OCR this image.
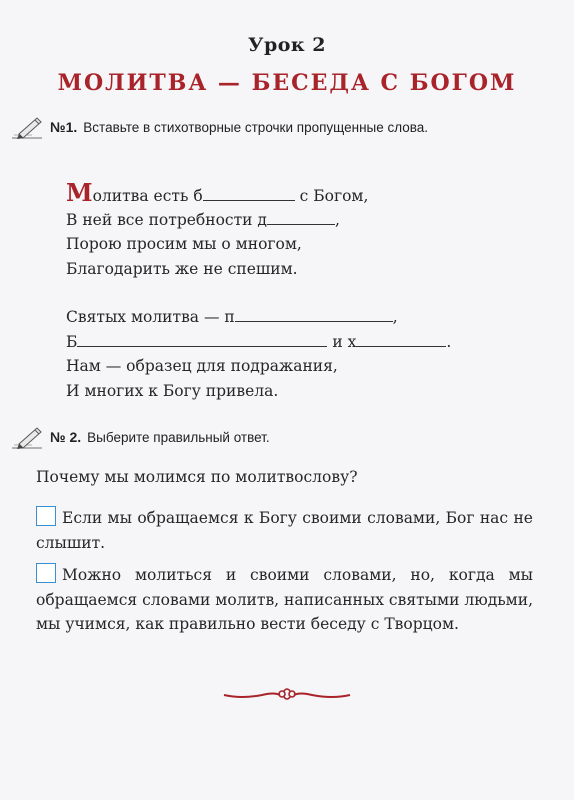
Урок 2
МОЛИТВА — БЕСЕДА С БОГОМ
№1. Вставьте в стихотворные строчки пропущенные слова.
Молитва есть б	с Богом,
В ней все потребности д	,
Порою просим мы о многом,
Благодарить же не спешим.
Святых молитва — п	,
Б	и х	.
Нам — образец для подражания,
И многих к Богу привела.
№ 2. Выберите правильный ответ.
Почему мы молимся по молитвослову?
Если мы обращаемся к Богу своими словами, Бог нас не слышит.
Можно молиться и своими словами, но, когда мы обращаемся словами молитв, написанных святыми людьми, мы учимся, как правильно вести беседу с Творцом.
